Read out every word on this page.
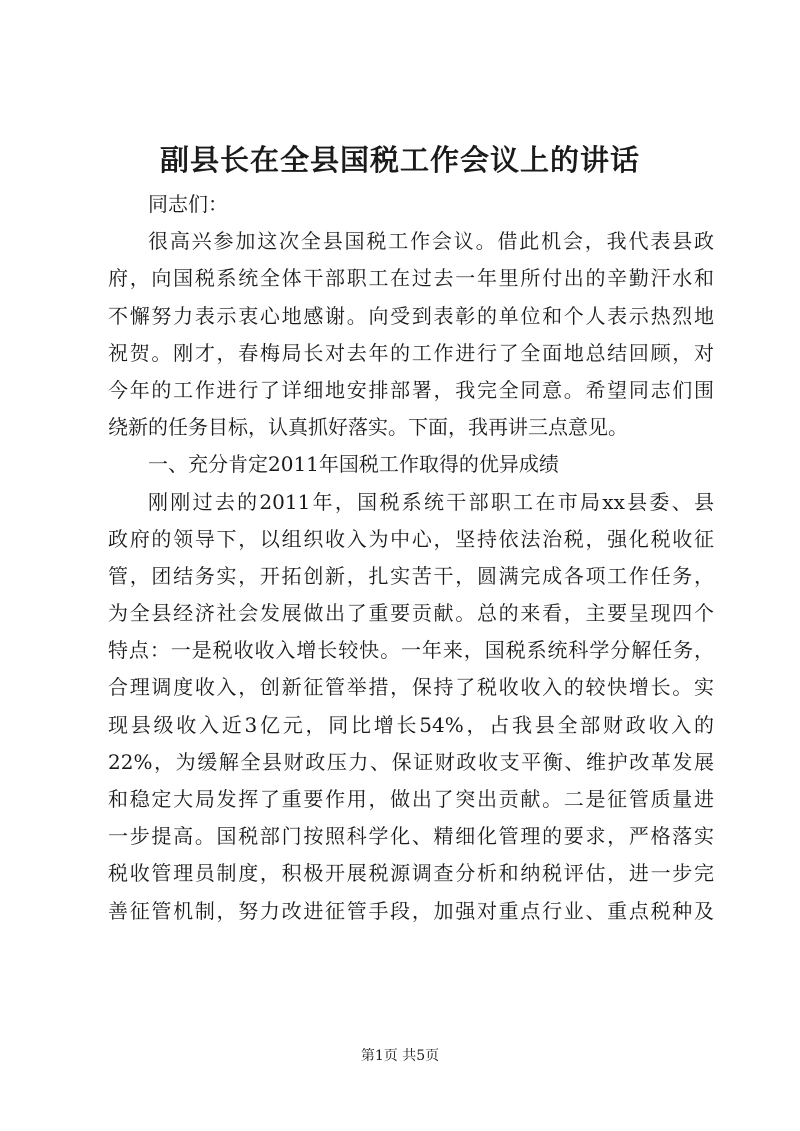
副县长在全县国税工作会议上的讲话
同志们：
很高兴参加这次全县国税工作会议。借此机会，我代表县政
府，向国税系统全体干部职工在过去一年里所付出的辛勤汗水和
不懈努力表示衷心地感谢。向受到表彰的单位和个人表示热烈地
祝贺。刚才，春梅局长对去年的工作进行了全面地总结回顾，对
今年的工作进行了详细地安排部署，我完全同意。希望同志们围
绕新的任务目标，认真抓好落实。下面，我再讲三点意见。
一、充分肯定2011年国税工作取得的优异成绩
刚刚过去的2011年，国税系统干部职工在市局xx县委、县
政府的领导下，以组织收入为中心，坚持依法治税，强化税收征
管，团结务实，开拓创新，扎实苦干，圆满完成各项工作任务，
为全县经济社会发展做出了重要贡献。总的来看，主要呈现四个
特点：一是税收收入增长较快。一年来，国税系统科学分解任务，
合理调度收入，创新征管举措，保持了税收收入的较快增长。实
现县级收入近3亿元，同比增长54%，占我县全部财政收入的
22%，为缓解全县财政压力、保证财政收支平衡、维护改革发展
和稳定大局发挥了重要作用，做出了突出贡献。二是征管质量进
一步提高。国税部门按照科学化、精细化管理的要求，严格落实
税收管理员制度，积极开展税源调查分析和纳税评估，进一步完
善征管机制，努力改进征管手段，加强对重点行业、重点税种及

第1页 共5页
